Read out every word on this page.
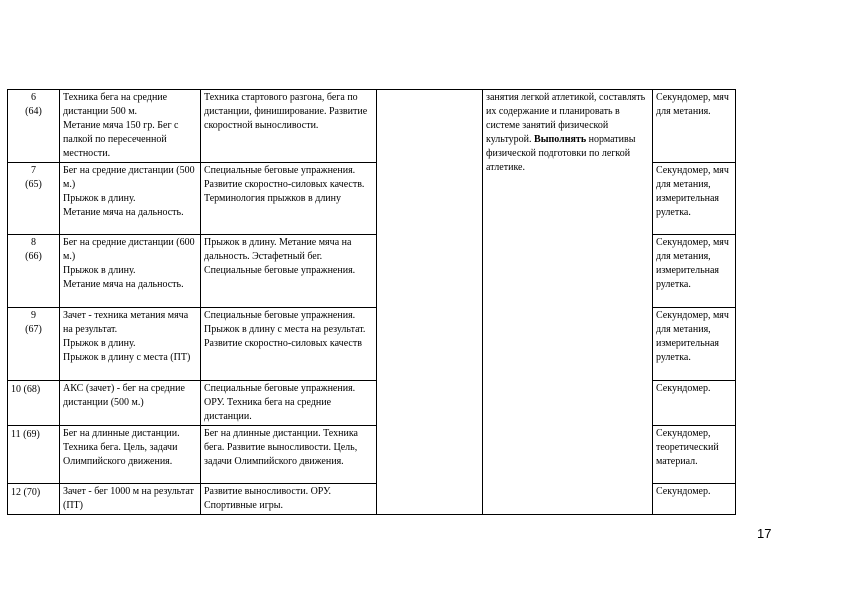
6
(64)	Техника бега на средние дистанции 500 м.
Метание мяча 150 гр. Бег с палкой по пересеченной местности.	Техника стартового разгона, бега по дистанции, финиширование. Развитие скоростной выносливости.		занятия легкой атлетикой, составлять их содержание и планировать в системе занятий физической культурой. Выполнять нормативы физической подготовки по легкой атлетике.	Секундомер, мяч для метания.
7
(65)	Бег на средние дистанции (500 м.)
Прыжок в длину.
Метание мяча на дальность.	Специальные беговые упражнения. Развитие скоростно-силовых качеств.
Терминология прыжков в длину			Секундомер, мяч для метания, измерительная рулетка.
8
(66)	Бег на средние дистанции (600 м.)
Прыжок в длину.
Метание мяча на дальность.	Прыжок в длину. Метание мяча на дальность. Эстафетный бег.
Специальные беговые упражнения.			Секундомер, мяч для метания, измерительная рулетка.
9
(67)	Зачет - техника метания мяча на результат.
Прыжок в длину.
Прыжок в длину с места (ПТ)	Специальные беговые упражнения. Прыжок в длину с места на результат. Развитие скоростно-силовых качеств			Секундомер, мяч для метания, измерительная рулетка.
10 (68)	АКС (зачет) - бег на средние дистанции (500 м.)	Специальные беговые упражнения. ОРУ. Техника бега на средние дистанции.			Секундомер.
11 (69)	Бег на длинные дистанции. Техника бега. Цель, задачи Олимпийского движения.	Бег на длинные дистанции. Техника бега. Развитие выносливости. Цель, задачи Олимпийского движения.			Секундомер, теоретический материал.
12 (70)	Зачет - бег 1000 м на результат (ПТ)	Развитие выносливости. ОРУ. Спортивные игры.			Секундомер.
17
